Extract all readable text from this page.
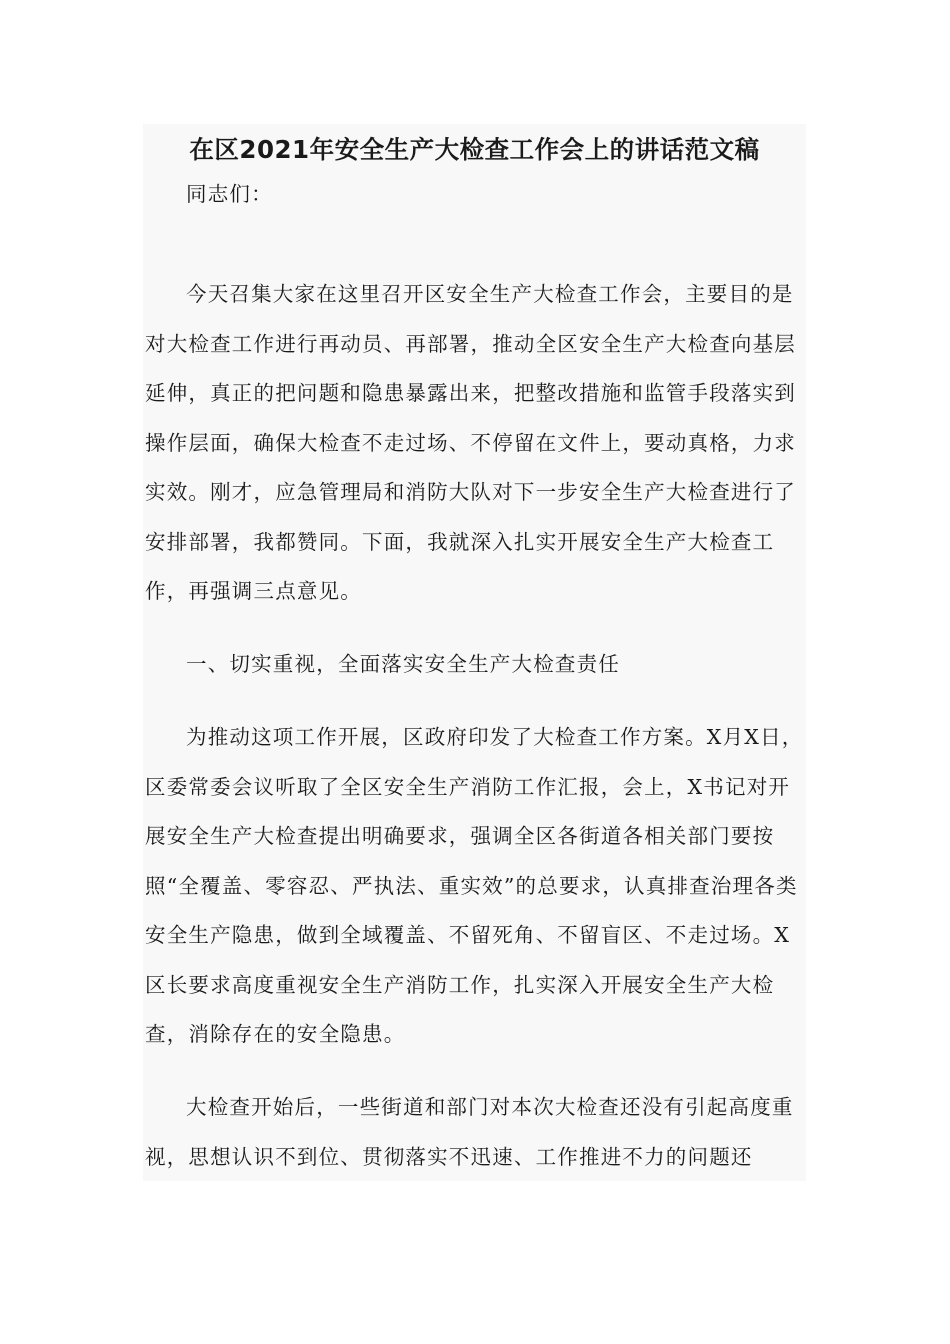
在区2021年安全生产大检查工作会上的讲话范文稿

同志们：

今天召集大家在这里召开区安全生产大检查工作会，主要目的是对大检查工作进行再动员、再部署，推动全区安全生产大检查向基层延伸，真正的把问题和隐患暴露出来，把整改措施和监管手段落实到操作层面，确保大检查不走过场、不停留在文件上，要动真格，力求实效。刚才，应急管理局和消防大队对下一步安全生产大检查进行了安排部署，我都赞同。下面，我就深入扎实开展安全生产大检查工作，再强调三点意见。

一、切实重视，全面落实安全生产大检查责任

为推动这项工作开展，区政府印发了大检查工作方案。X月X日，区委常委会议听取了全区安全生产消防工作汇报，会上，X书记对开展安全生产大检查提出明确要求，强调全区各街道各相关部门要按照“全覆盖、零容忍、严执法、重实效”的总要求，认真排查治理各类安全生产隐患，做到全域覆盖、不留死角、不留盲区、不走过场。X区长要求高度重视安全生产消防工作，扎实深入开展安全生产大检查，消除存在的安全隐患。

大检查开始后，一些街道和部门对本次大检查还没有引起高度重视，思想认识不到位、贯彻落实不迅速、工作推进不力的问题还
